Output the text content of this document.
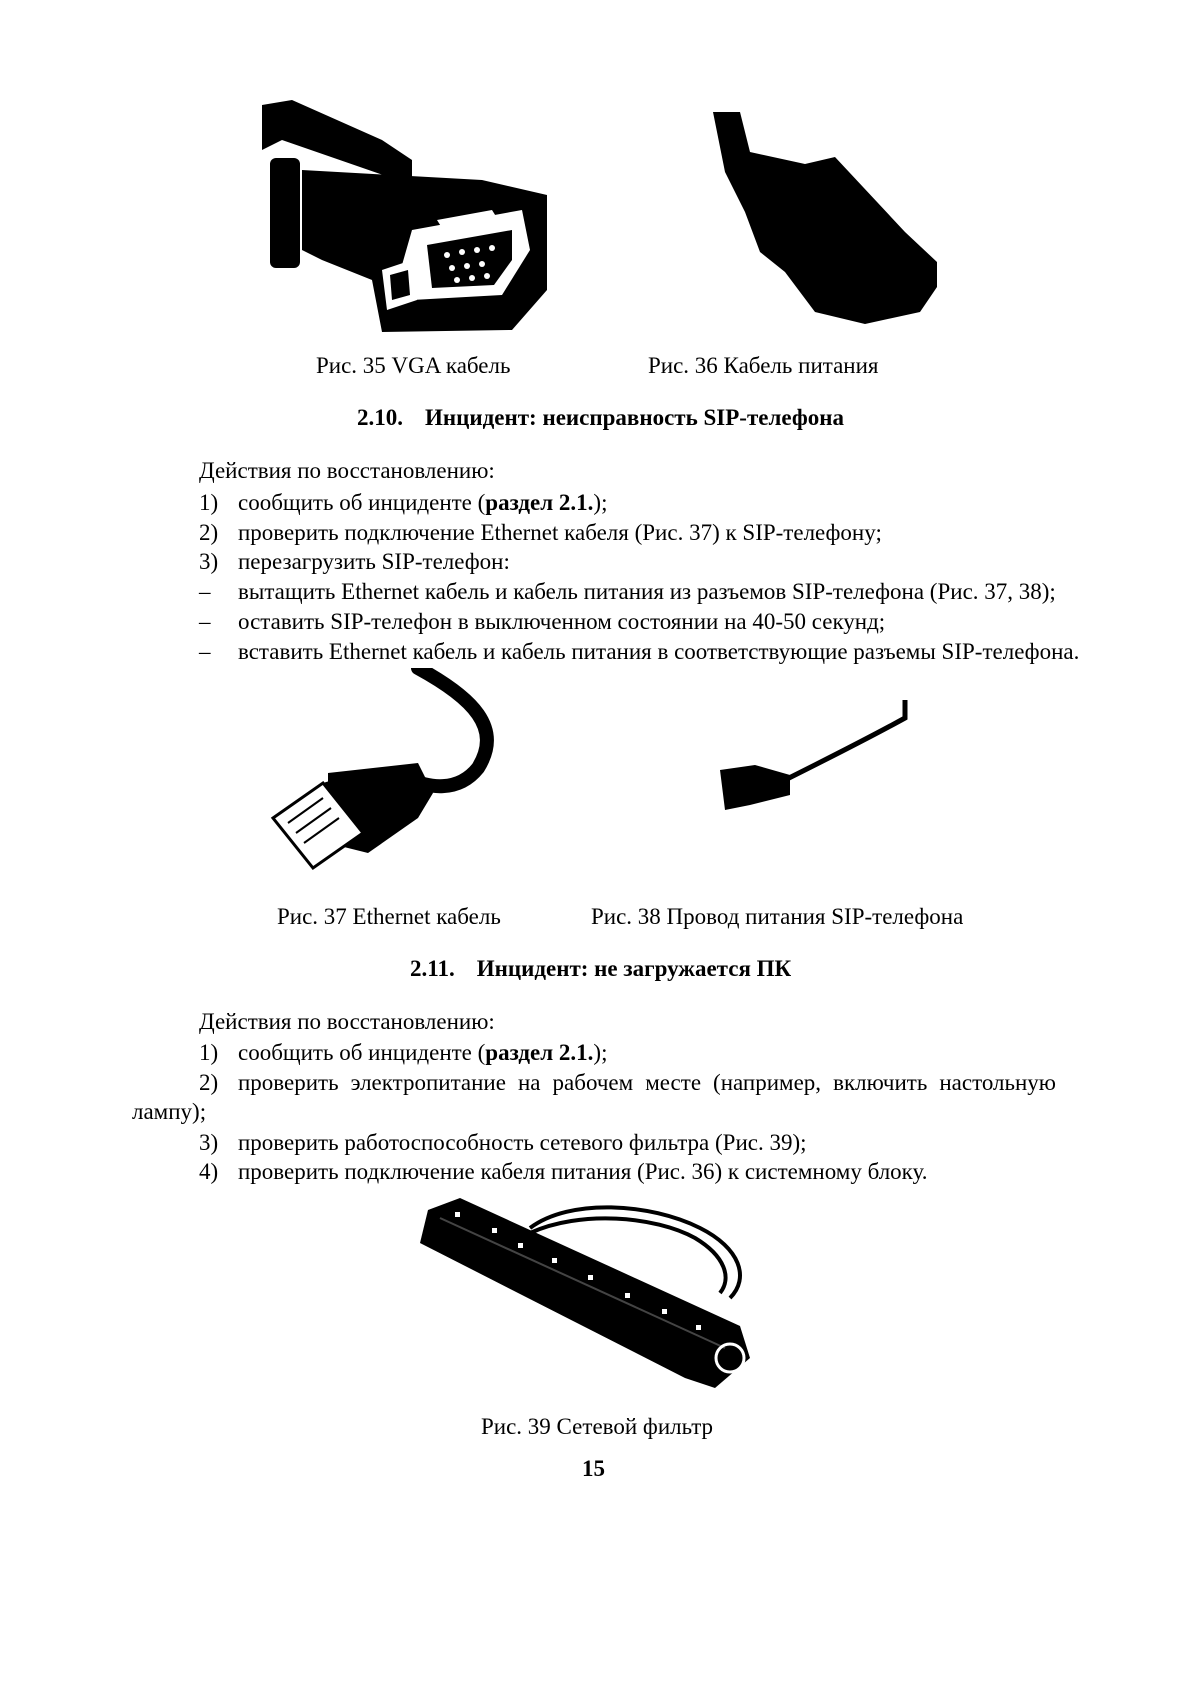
Рис. 35 VGA кабель	Рис. 36 Кабель питания
2.10. Инцидент: неисправность SIP-телефона
Действия по восстановлению:
1) сообщить об инциденте (раздел 2.1.);
2) проверить подключение Ethernet кабеля (Рис. 37) к SIP-телефону;
3) перезагрузить SIP-телефон:
– вытащить Ethernet кабель и кабель питания из разъемов SIP-телефона (Рис. 37, 38);
– оставить SIP-телефон в выключенном состоянии на 40-50 секунд;
– вставить Ethernet кабель и кабель питания в соответствующие разъемы SIP-телефона.
Рис. 37 Ethernet кабель	Рис. 38 Провод питания SIP-телефона
2.11. Инцидент: не загружается ПК
Действия по восстановлению:
1) сообщить об инциденте (раздел 2.1.);
2) проверить электропитание на рабочем месте (например, включить настольную
лампу);
3) проверить работоспособность сетевого фильтра (Рис. 39);
4) проверить подключение кабеля питания (Рис. 36) к системному блоку.
Рис. 39 Сетевой фильтр
15
